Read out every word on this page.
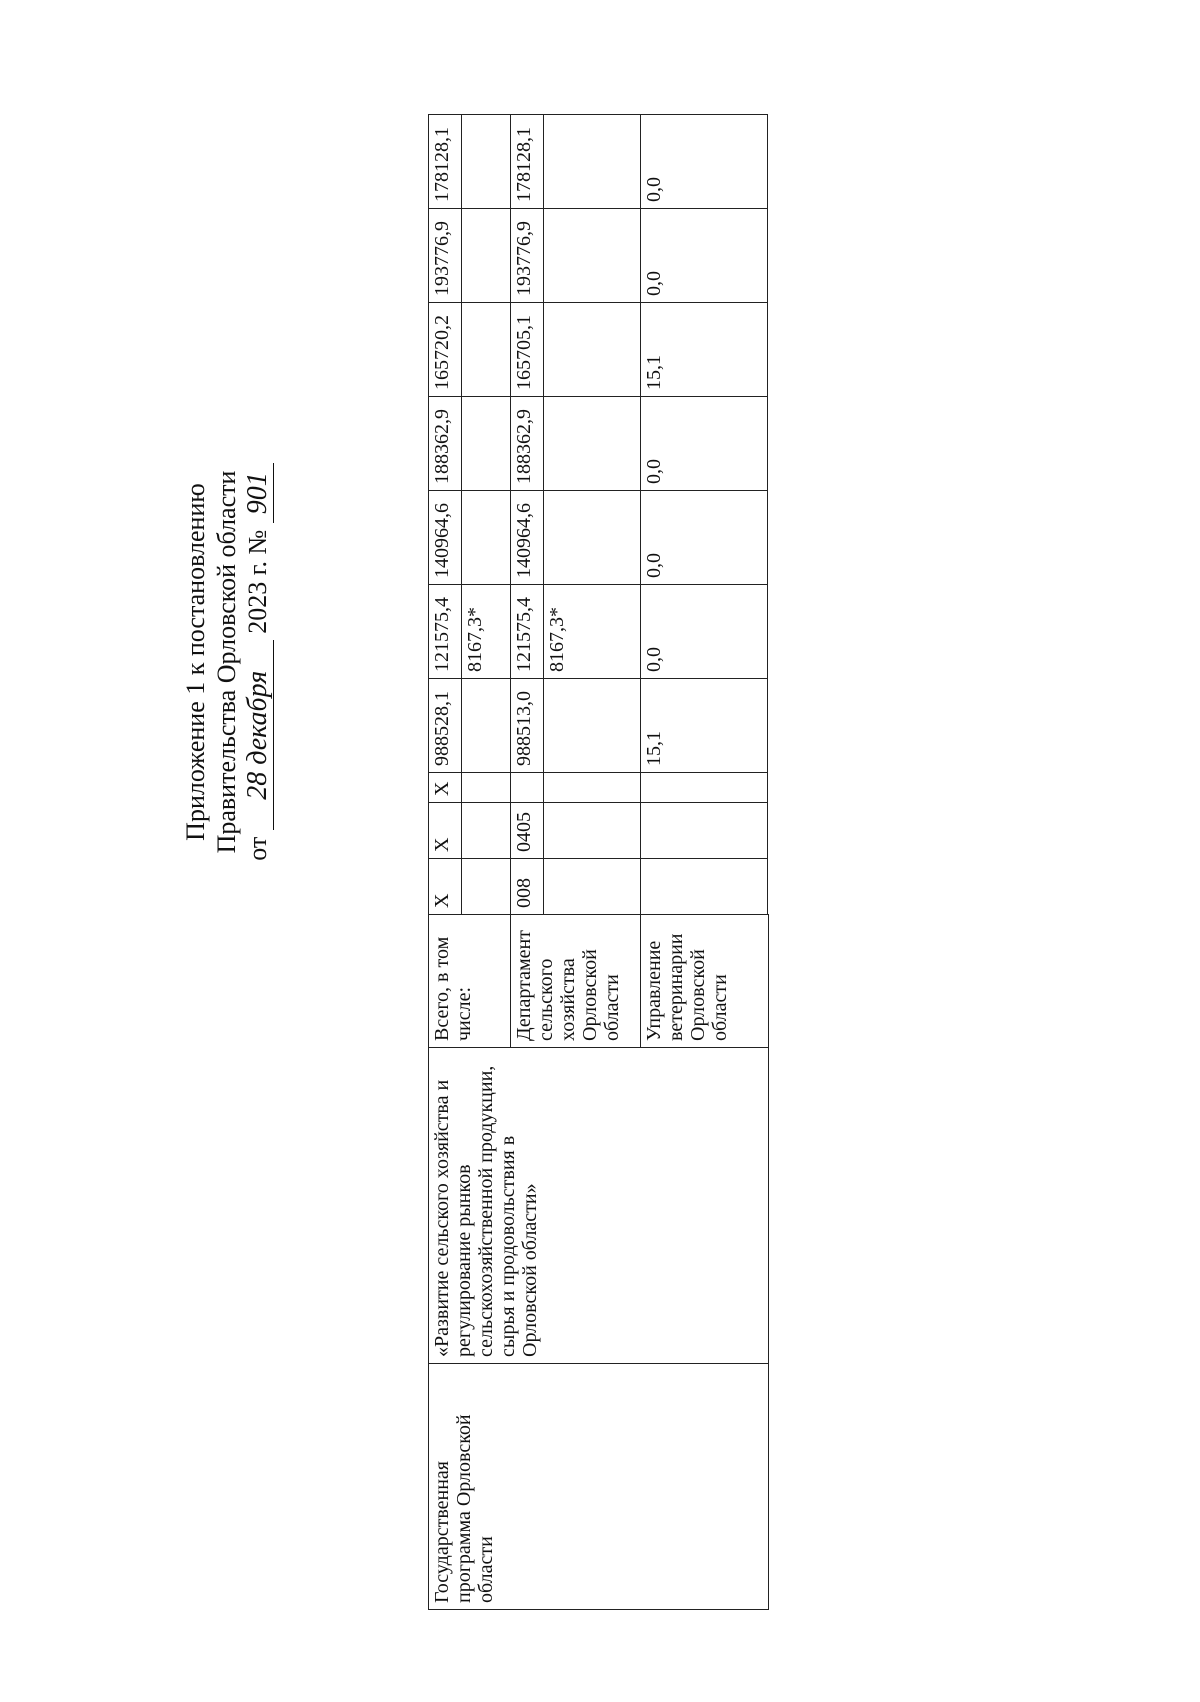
Приложение 1 к постановлению Правительства Орловской области от 28 декабря 2023 г. № 901
Государственная программа Орловской области	«Развитие сельского хозяйства и регулирование рынков сельскохозяйственной продукции, сырья и продовольствия в Орловской области»	Всего, в том числе:	Х	Х	Х	988528,1	121575,4	140964,6	188362,9	165720,2	193776,9	178128,1
							8167,3*					
		Департамент сельского хозяйства Орловской области	008	0405		988513,0	121575,4	140964,6	188362,9	165705,1	193776,9	178128,1
							8167,3*					
		Управление ветеринарии Орловской области				15,1	0,0	0,0	0,0	15,1	0,0	0,0
